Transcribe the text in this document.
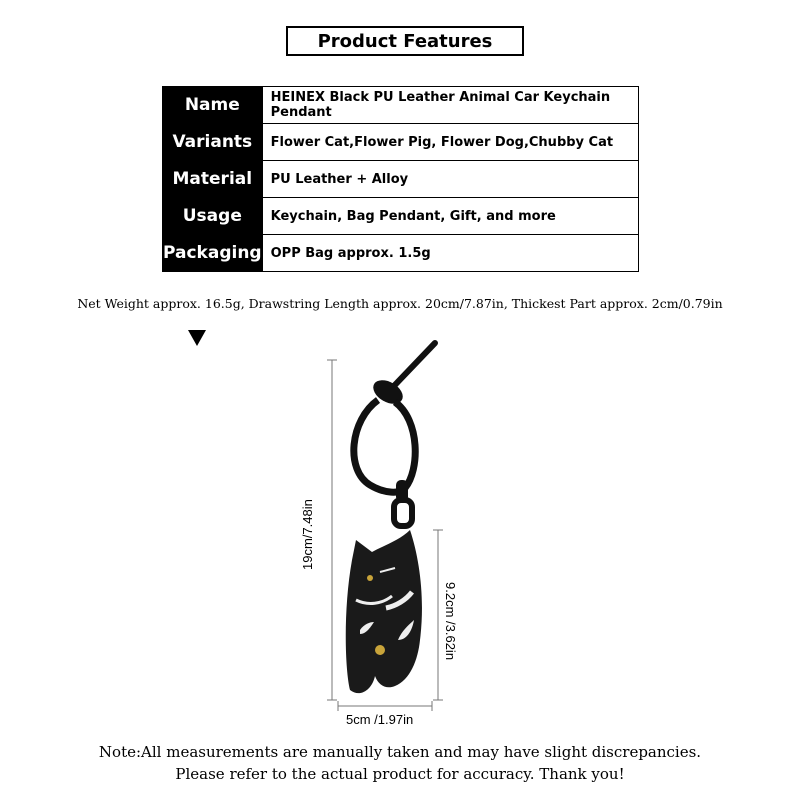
Product Features
Name	HEINEX Black PU Leather Animal Car Keychain Pendant
Variants	Flower Cat,Flower Pig, Flower Dog,Chubby Cat
Material	PU Leather + Alloy
Usage	Keychain, Bag Pendant, Gift, and more
Packaging	OPP Bag approx. 1.5g
Net Weight approx. 16.5g, Drawstring Length approx. 20cm/7.87in, Thickest Part approx. 2cm/0.79in
19cm/7.48in
9.2cm /3.62in
5cm /1.97in
Note:All measurements are manually taken and may have slight discrepancies.
Please refer to the actual product for accuracy. Thank you!
